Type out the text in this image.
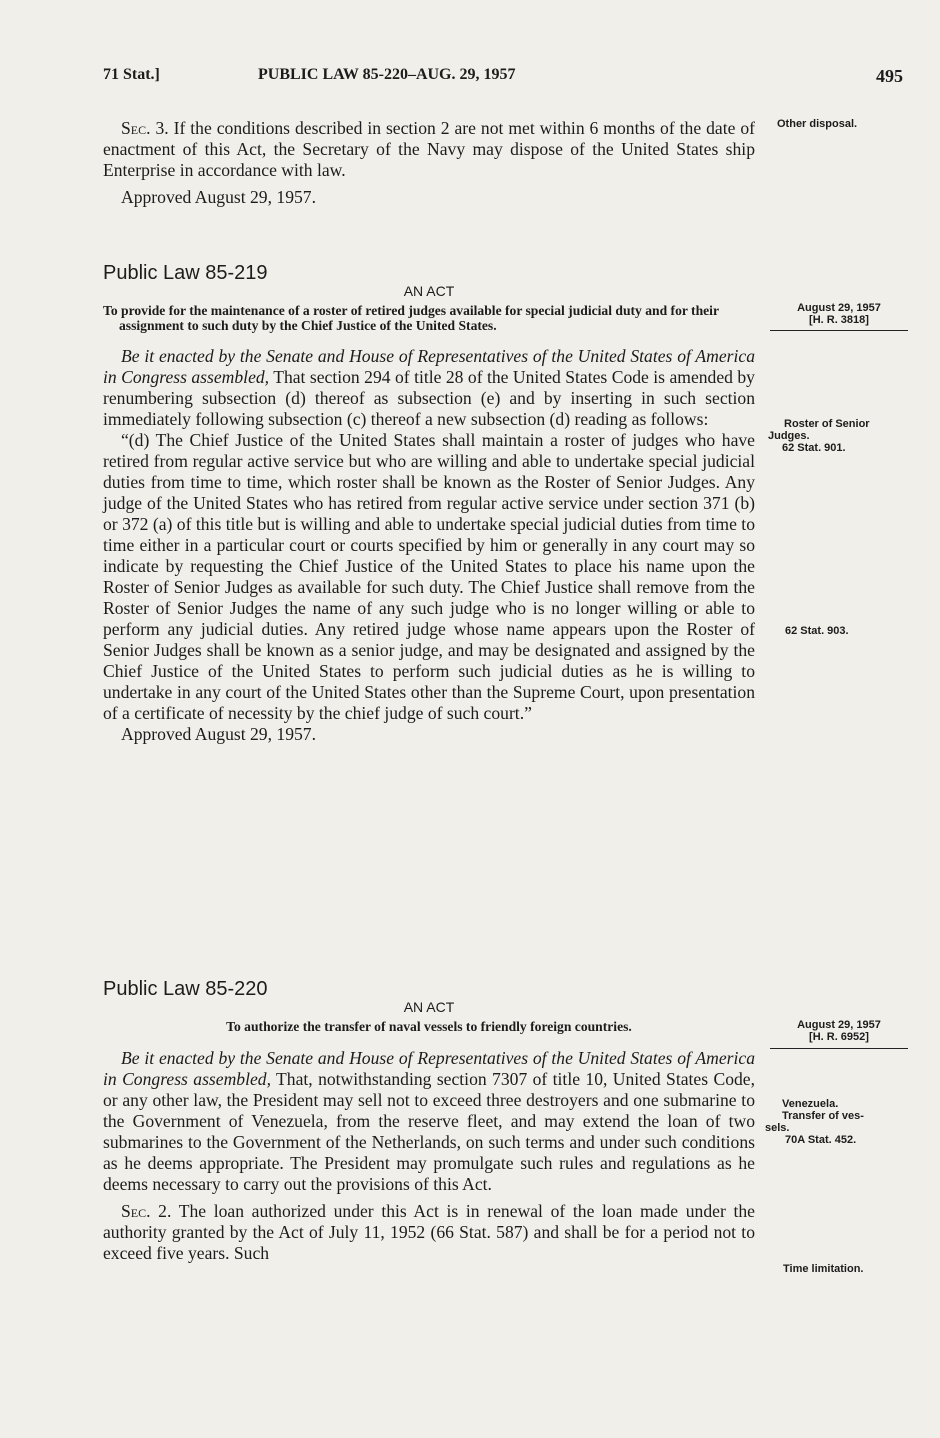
71 Stat.]	PUBLIC LAW 85-220–AUG. 29, 1957	495

Sec. 3. If the conditions described in section 2 are not met within 6 months of the date of enactment of this Act, the Secretary of the Navy may dispose of the United States ship Enterprise in accordance with law.

Approved August 29, 1957.

Public Law 85-219

AN ACT

To provide for the maintenance of a roster of retired judges available for special judicial duty and for their assignment to such duty by the Chief Justice of the United States.

Be it enacted by the Senate and House of Representatives of the United States of America in Congress assembled, That section 294 of title 28 of the United States Code is amended by renumbering subsection (d) thereof as subsection (e) and by inserting in such section immediately following subsection (c) thereof a new subsection (d) reading as follows:

“(d) The Chief Justice of the United States shall maintain a roster of judges who have retired from regular active service but who are willing and able to undertake special judicial duties from time to time, which roster shall be known as the Roster of Senior Judges. Any judge of the United States who has retired from regular active service under section 371 (b) or 372 (a) of this title but is willing and able to undertake special judicial duties from time to time either in a particular court or courts specified by him or generally in any court may so indicate by requesting the Chief Justice of the United States to place his name upon the Roster of Senior Judges as available for such duty. The Chief Justice shall remove from the Roster of Senior Judges the name of any such judge who is no longer willing or able to perform any judicial duties. Any retired judge whose name appears upon the Roster of Senior Judges shall be known as a senior judge, and may be designated and assigned by the Chief Justice of the United States to perform such judicial duties as he is willing to undertake in any court of the United States other than the Supreme Court, upon presentation of a certificate of necessity by the chief judge of such court.”

Approved August 29, 1957.

Public Law 85-220

AN ACT

To authorize the transfer of naval vessels to friendly foreign countries.

Be it enacted by the Senate and House of Representatives of the United States of America in Congress assembled, That, notwithstanding section 7307 of title 10, United States Code, or any other law, the President may sell not to exceed three destroyers and one submarine to the Government of Venezuela, from the reserve fleet, and may extend the loan of two submarines to the Government of the Netherlands, on such terms and under such conditions as he deems appropriate. The President may promulgate such rules and regulations as he deems necessary to carry out the provisions of this Act.

Sec. 2. The loan authorized under this Act is in renewal of the loan made under the authority granted by the Act of July 11, 1952 (66 Stat. 587) and shall be for a period not to exceed five years. Such

Other disposal.
August 29, 1957
[H. R. 3818]
Roster of Senior
Judges.

62 Stat. 901.
62 Stat. 903.
August 29, 1957
[H. R. 6952]
Venezuela.
Transfer of ves-
sels.
70A Stat. 452.
Time limitation.
